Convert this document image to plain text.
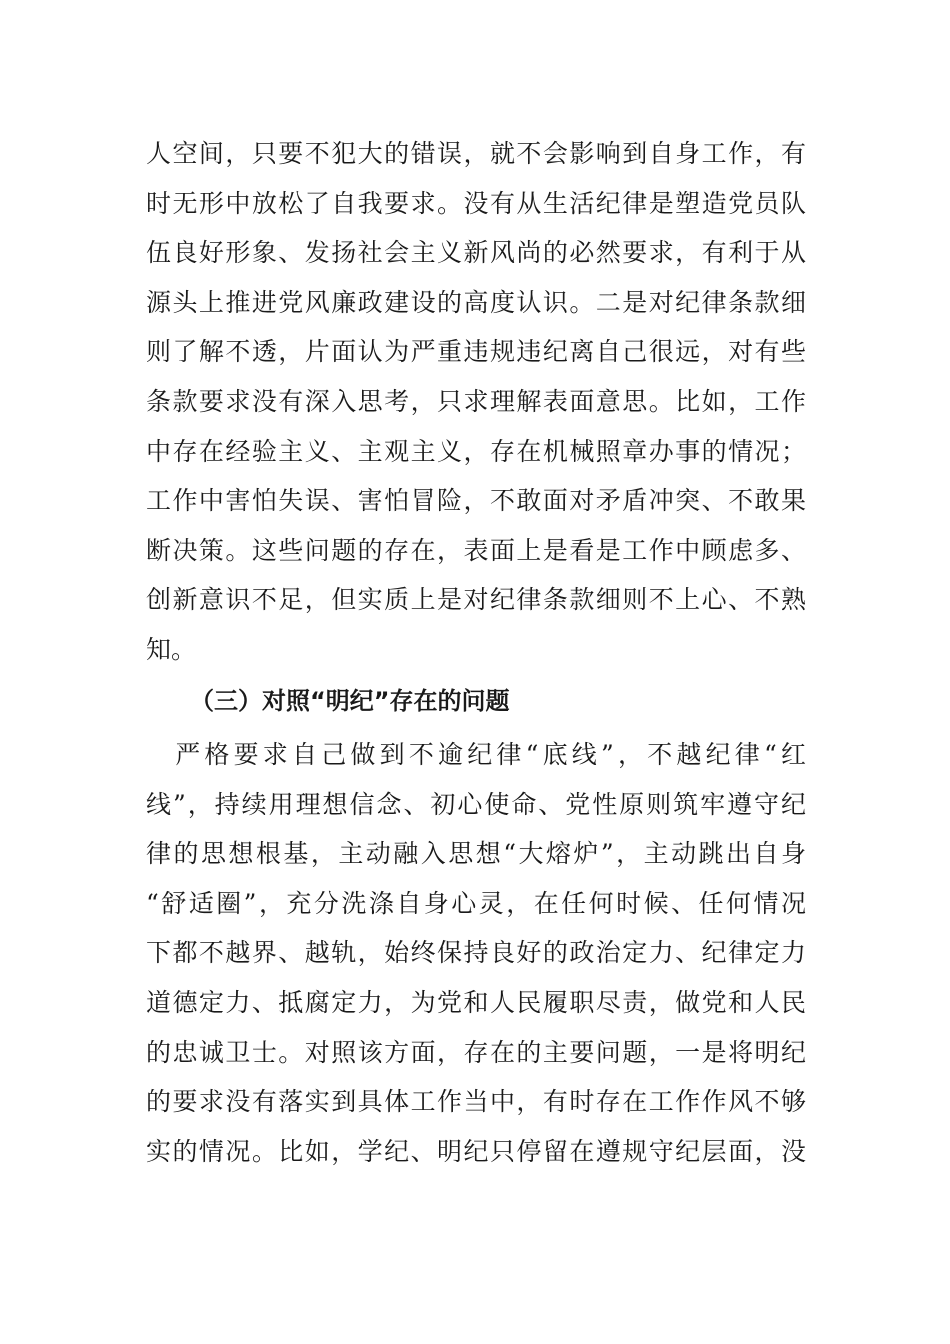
人空间，只要不犯大的错误，就不会影响到自身工作，有
时无形中放松了自我要求。没有从生活纪律是塑造党员队
伍良好形象、发扬社会主义新风尚的必然要求，有利于从
源头上推进党风廉政建设的高度认识。二是对纪律条款细
则了解不透，片面认为严重违规违纪离自己很远，对有些
条款要求没有深入思考，只求理解表面意思。比如，工作
中存在经验主义、主观主义，存在机械照章办事的情况；
工作中害怕失误、害怕冒险，不敢面对矛盾冲突、不敢果
断决策。这些问题的存在，表面上是看是工作中顾虑多、
创新意识不足，但实质上是对纪律条款细则不上心、不熟
知。
（三）对照“明纪”存在的问题
　严格要求自己做到不逾纪律“底线”，不越纪律“红
线”，持续用理想信念、初心使命、党性原则筑牢遵守纪
律的思想根基，主动融入思想“大熔炉”，主动跳出自身
“舒适圈”，充分洗涤自身心灵，在任何时候、任何情况
下都不越界、越轨，始终保持良好的政治定力、纪律定力
道德定力、抵腐定力，为党和人民履职尽责，做党和人民
的忠诚卫士。对照该方面，存在的主要问题，一是将明纪
的要求没有落实到具体工作当中，有时存在工作作风不够
实的情况。比如，学纪、明纪只停留在遵规守纪层面，没
